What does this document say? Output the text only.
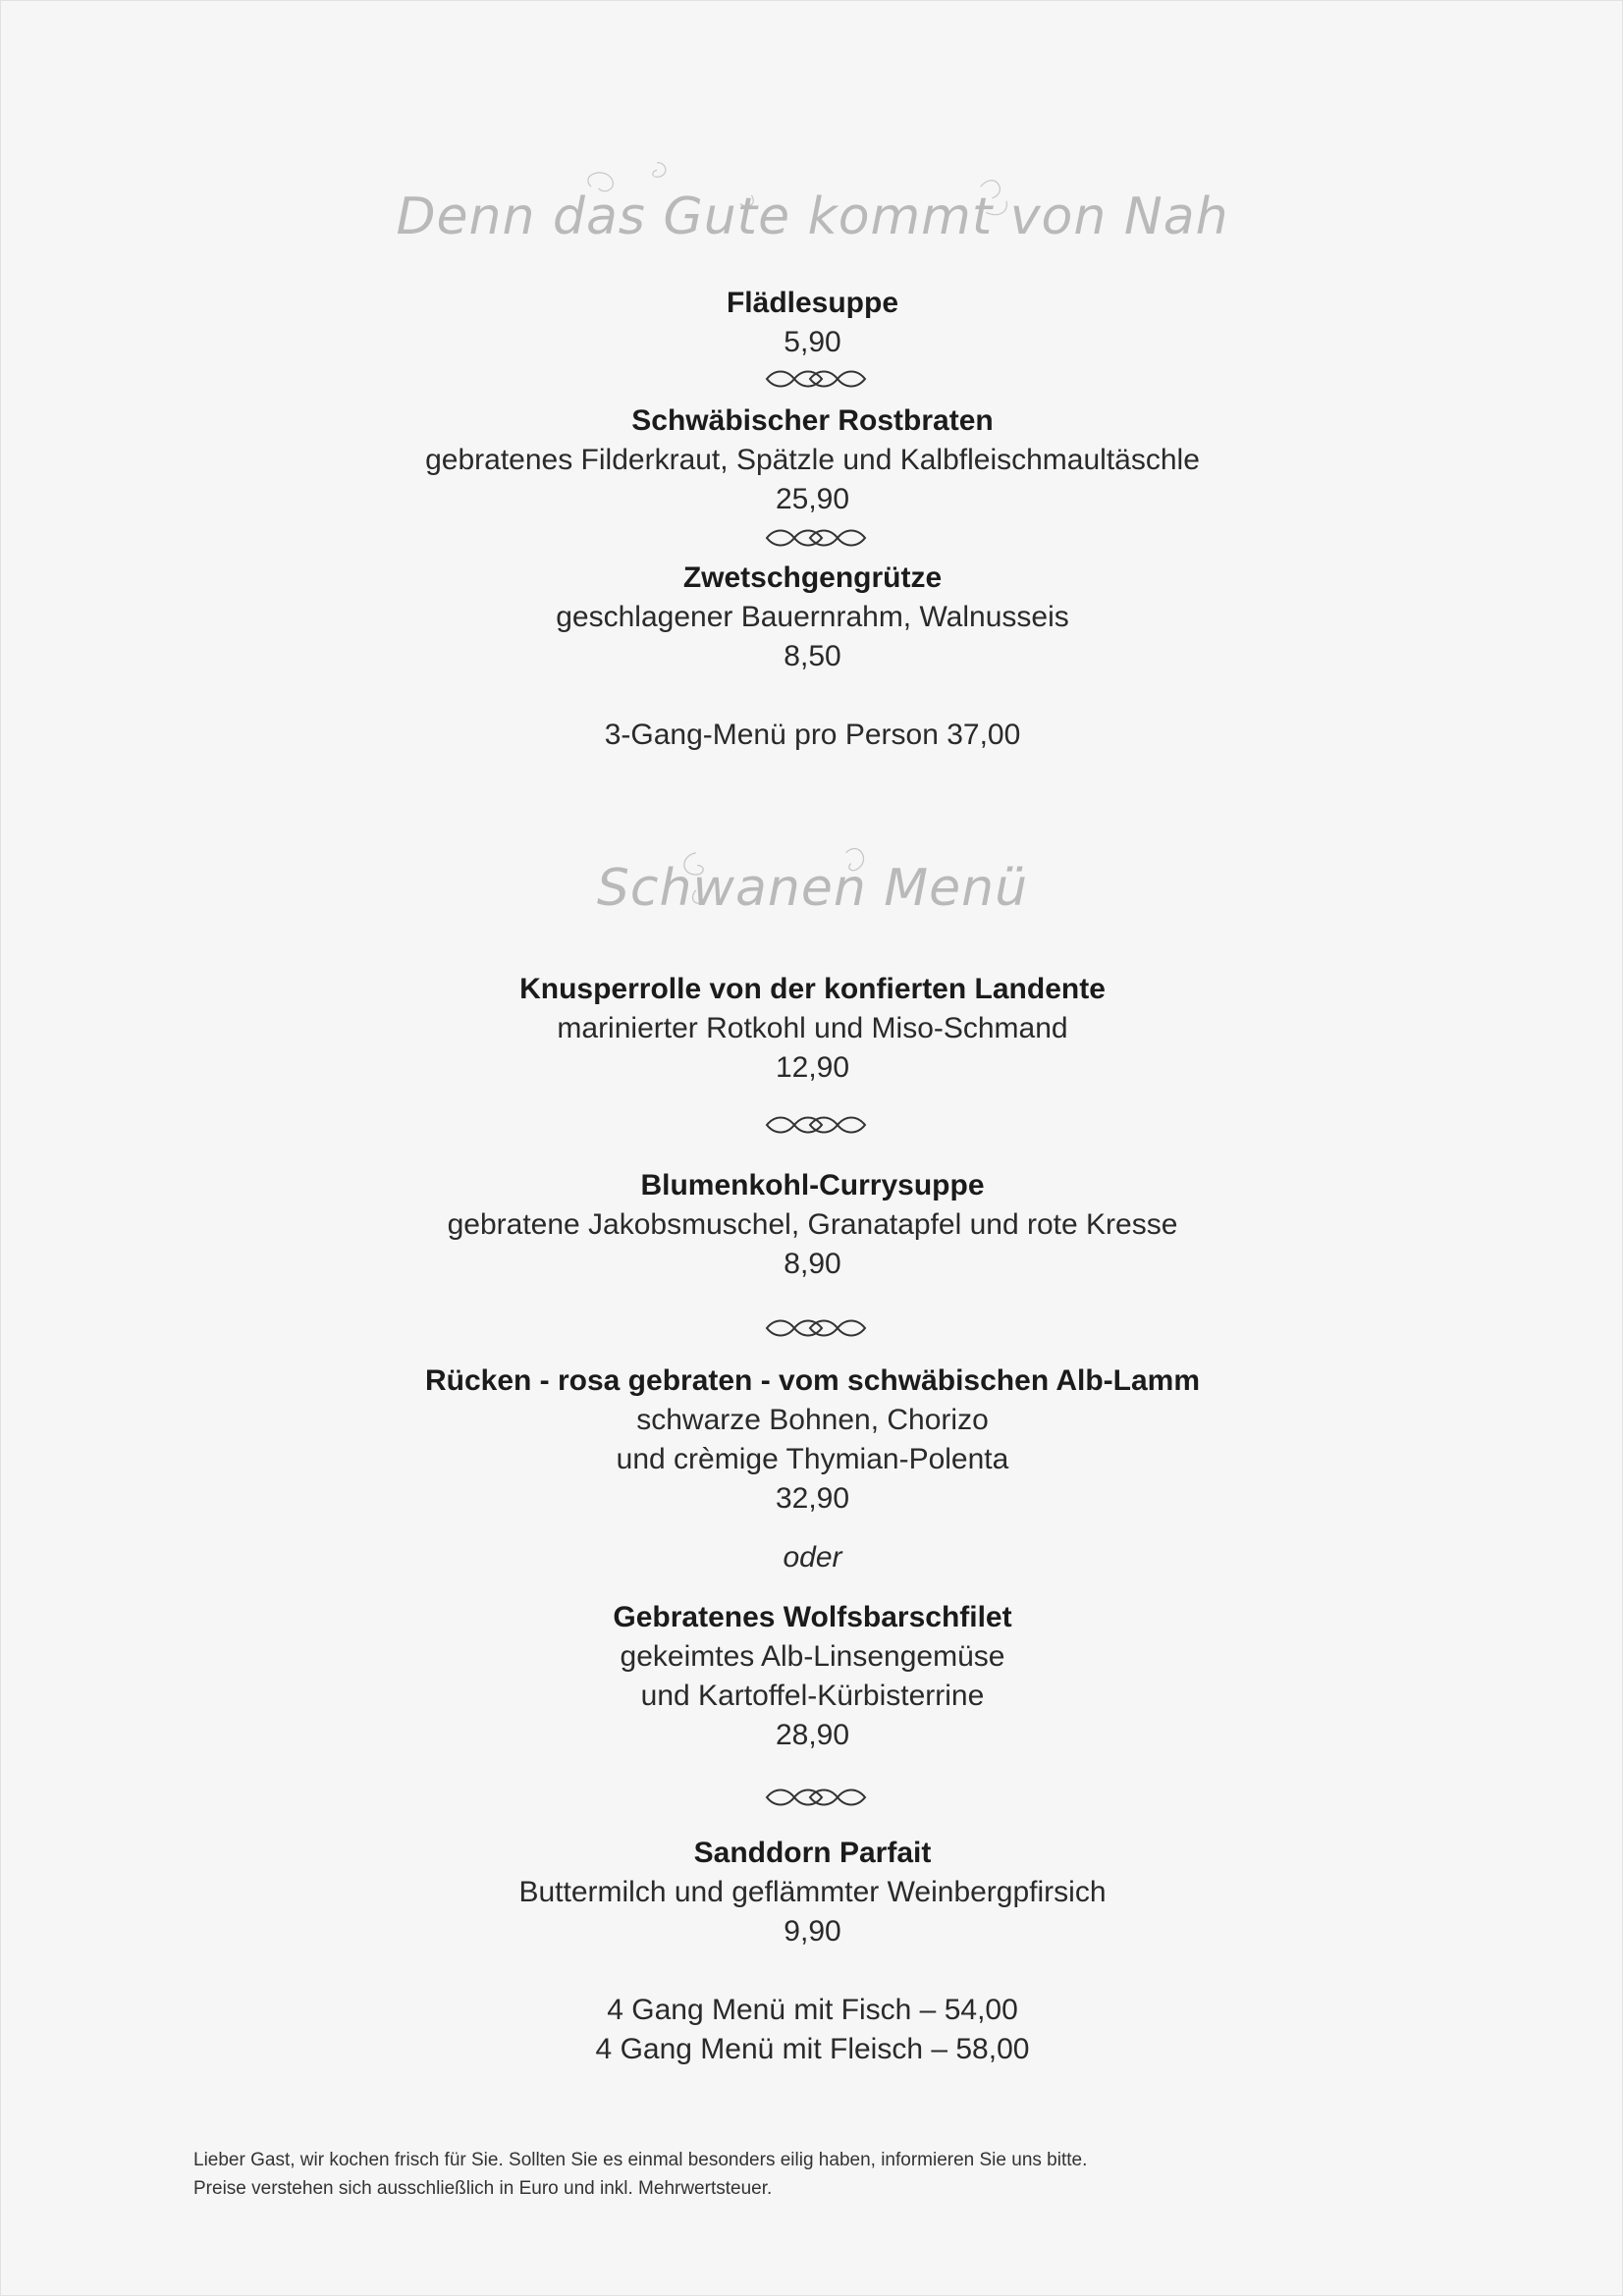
Denn das Gute kommt von Nah
Flädlesuppe
5,90
Schwäbischer Rostbraten
gebratenes Filderkraut, Spätzle und Kalbfleischmaultäschle
25,90
Zwetschgengrütze
geschlagener Bauernrahm, Walnusseis
8,50
3-Gang-Menü pro Person 37,00
Schwanen Menü
Knusperrolle von der konfierten Landente
marinierter Rotkohl und Miso-Schmand
12,90
Blumenkohl-Currysuppe
gebratene Jakobsmuschel, Granatapfel und rote Kresse
8,90
Rücken - rosa gebraten - vom schwäbischen Alb-Lamm
schwarze Bohnen, Chorizo
und crèmige Thymian-Polenta
32,90
oder
Gebratenes Wolfsbarschfilet
gekeimtes Alb-Linsengemüse
und Kartoffel-Kürbisterrine
28,90
Sanddorn Parfait
Buttermilch und geflämmter Weinbergpfirsich
9,90
4 Gang Menü mit Fisch – 54,00
4 Gang Menü mit Fleisch – 58,00
Lieber Gast, wir kochen frisch für Sie. Sollten Sie es einmal besonders eilig haben, informieren Sie uns bitte.
Preise verstehen sich ausschließlich in Euro und inkl. Mehrwertsteuer.
